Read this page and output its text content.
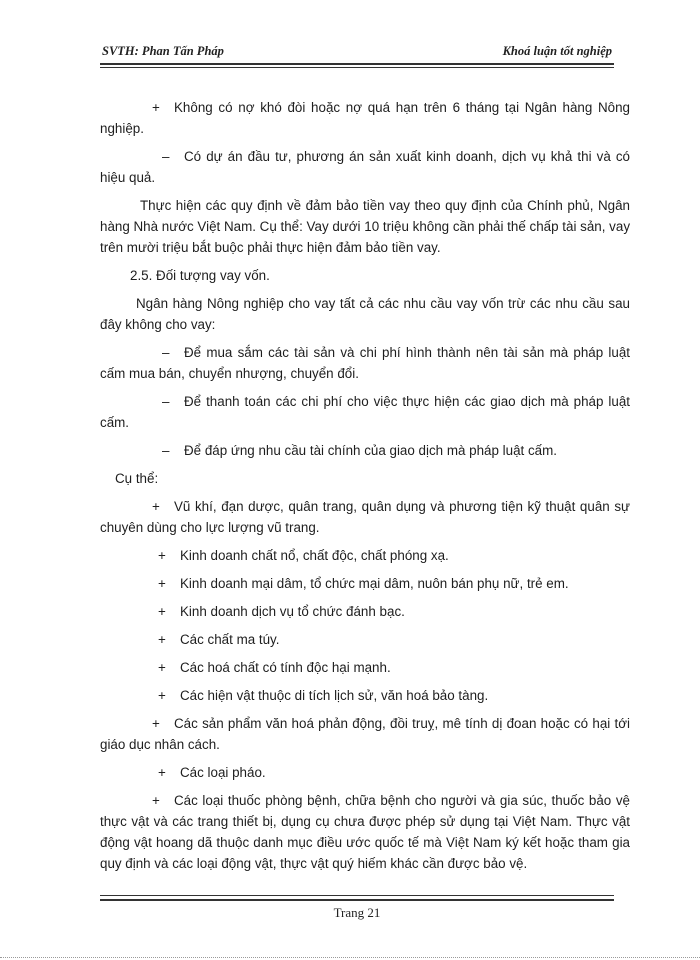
SVTH: Phan Tấn Pháp	Khoá luận tốt nghiệp

+ Không có nợ khó đòi hoặc nợ quá hạn trên 6 tháng tại Ngân hàng Nông nghiệp.

– Có dự án đầu tư, phương án sản xuất kinh doanh, dịch vụ khả thi và có hiệu quả.

Thực hiện các quy định về đảm bảo tiền vay theo quy định của Chính phủ, Ngân hàng Nhà nước Việt Nam. Cụ thể: Vay dưới 10 triệu không cần phải thế chấp tài sản, vay trên mười triệu bắt buộc phải thực hiện đảm bảo tiền vay.

2.5. Đối tượng vay vốn.

Ngân hàng Nông nghiệp cho vay tất cả các nhu cầu vay vốn trừ các nhu cầu sau đây không cho vay:

– Để mua sắm các tài sản và chi phí hình thành nên tài sản mà pháp luật cấm mua bán, chuyển nhượng, chuyển đổi.

– Để thanh toán các chi phí cho việc thực hiện các giao dịch mà pháp luật cấm.

– Để đáp ứng nhu cầu tài chính của giao dịch mà pháp luật cấm.

Cụ thể:

+ Vũ khí, đạn dược, quân trang, quân dụng và phương tiện kỹ thuật quân sự chuyên dùng cho lực lượng vũ trang.

+ Kinh doanh chất nổ, chất độc, chất phóng xạ.

+ Kinh doanh mại dâm, tổ chức mại dâm, nuôn bán phụ nữ, trẻ em.

+ Kinh doanh dịch vụ tổ chức đánh bạc.

+ Các chất ma túy.

+ Các hoá chất có tính độc hại mạnh.

+ Các hiện vật thuộc di tích lịch sử, văn hoá bảo tàng.

+ Các sản phẩm văn hoá phản động, đồi truỵ, mê tính dị đoan hoặc có hại tới giáo dục nhân cách.

+ Các loại pháo.

+ Các loại thuốc phòng bệnh, chữa bệnh cho người và gia súc, thuốc bảo vệ thực vật và các trang thiết bị, dụng cụ chưa được phép sử dụng tại Việt Nam. Thực vật động vật hoang dã thuộc danh mục điều ước quốc tế mà Việt Nam ký kết hoặc tham gia quy định và các loại động vật, thực vật quý hiếm khác cần được bảo vệ.

Trang 21
